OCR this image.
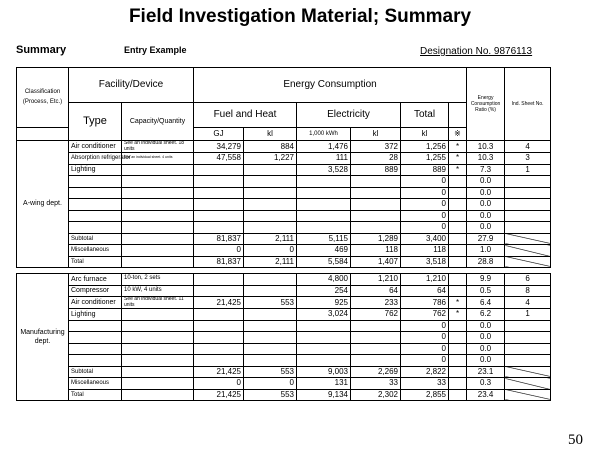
Field Investigation Material; Summary
Summary	Entry Example	Designation No. 9876113
Classification
(Process, Etc.)	Facility/Device		Energy Consumption						Energy Consumption Ratio (%)	Ind. Sheet No.
	Type	Capacity/Quantity	Fuel and Heat		Electricity		Total			
			GJ	kl	1,000 kWh	kl	kl	※		
A-wing dept.	Air conditioner	See an individual sheet. 18 units	34,279	884	1,476	372	1,256	*	10.3	4
	Absorption refrigerator	See an individual sheet. 4 units	47,558	1,227	111	28	1,255	*	10.3	3
	Lighting				3,528	889	889	*	7.3	1
							0		0.0	
							0		0.0	
							0		0.0	
							0		0.0	
							0		0.0	
	Subtotal		81,837	2,111	5,115	1,289	3,400		27.9	
	Miscellaneous		0	0	469	118	118		1.0	
	Total		81,837	2,111	5,584	1,407	3,518		28.8	

Manufacturing dept.	Arc furnace	10-ton, 2 sets			4,800	1,210	1,210		9.9	6
	Compressor	10 kW, 4 units			254	64	64		0.5	8
	Air conditioner	See an individual sheet. 11 units	21,425	553	925	233	786	*	6.4	4
	Lighting				3,024	762	762	*	6.2	1
							0		0.0	
							0		0.0	
							0		0.0	
							0		0.0	
	Subtotal		21,425	553	9,003	2,269	2,822		23.1	
	Miscellaneous		0	0	131	33	33		0.3	
	Total		21,425	553	9,134	2,302	2,855		23.4	
50
